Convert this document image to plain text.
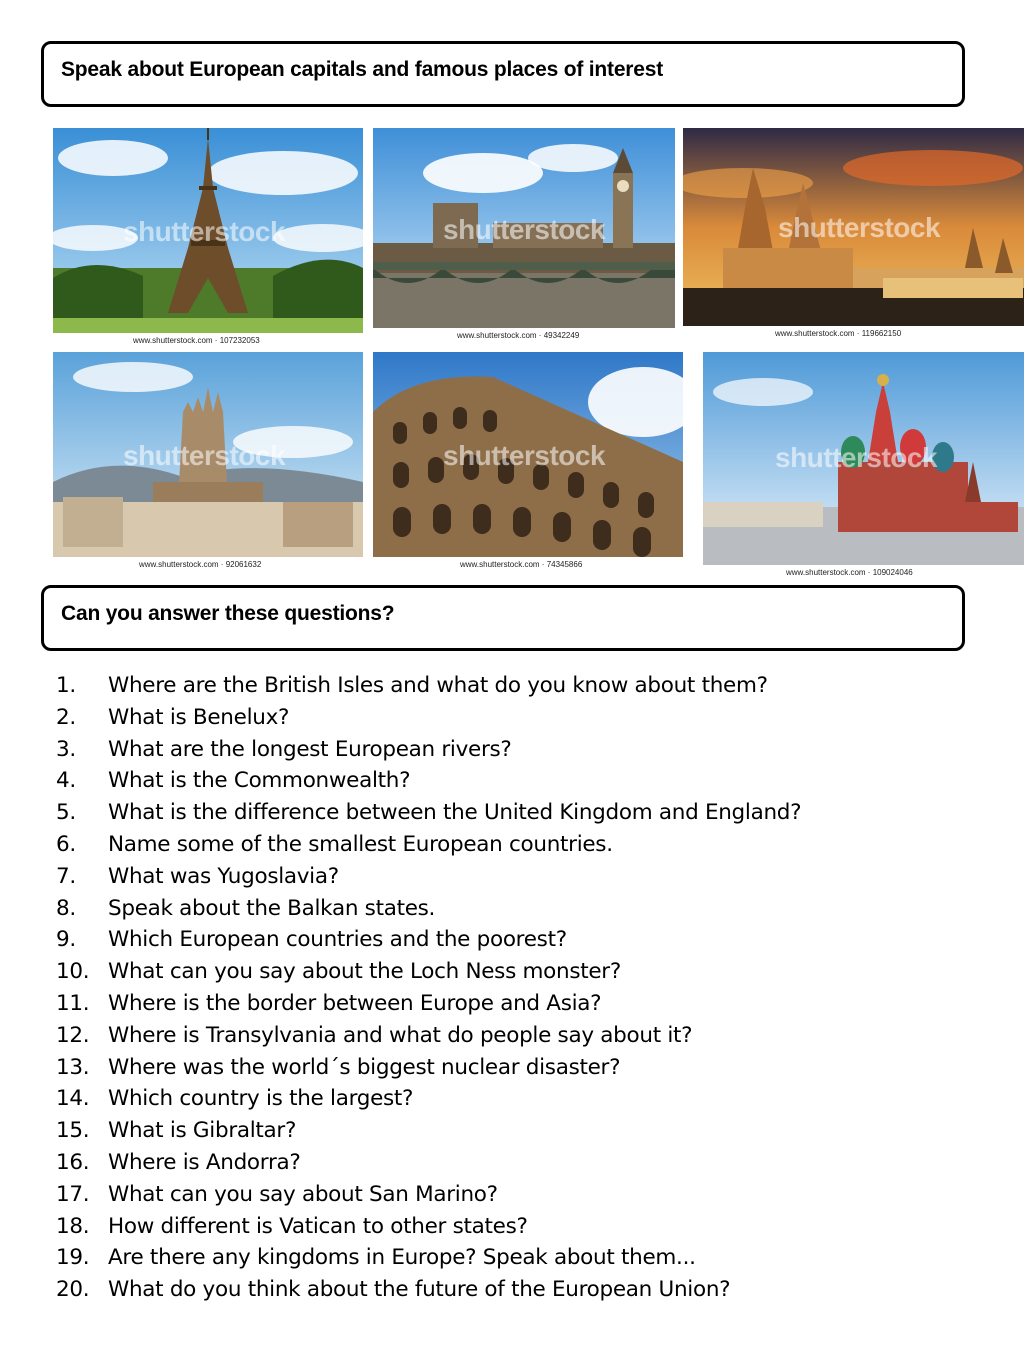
Speak about European capitals and famous places of interest
shutterstock
www.shutterstock.com · 107232053
shutterstock
www.shutterstock.com · 49342249
shutterstock
www.shutterstock.com · 119662150
shutterstock
www.shutterstock.com · 92061632
shutterstock
www.shutterstock.com · 74345866
shutterstock
www.shutterstock.com · 109024046
Can you answer these questions?
1. Where are the British Isles and what do you know about them?
2. What is Benelux?
3. What are the longest European rivers?
4. What is the Commonwealth?
5. What is the difference between the United Kingdom and England?
6. Name some of the smallest European countries.
7. What was Yugoslavia?
8. Speak about the Balkan states.
9. Which European countries and the poorest?
10. What can you say about the Loch Ness monster?
11. Where is the border between Europe and Asia?
12. Where is Transylvania and what do people say about it?
13. Where was the world´s biggest nuclear disaster?
14. Which country is the largest?
15. What is Gibraltar?
16. Where is Andorra?
17. What can you say about San Marino?
18. How different is Vatican to other states?
19. Are there any kingdoms in Europe? Speak about them...
20. What do you think about the future of the European Union?
